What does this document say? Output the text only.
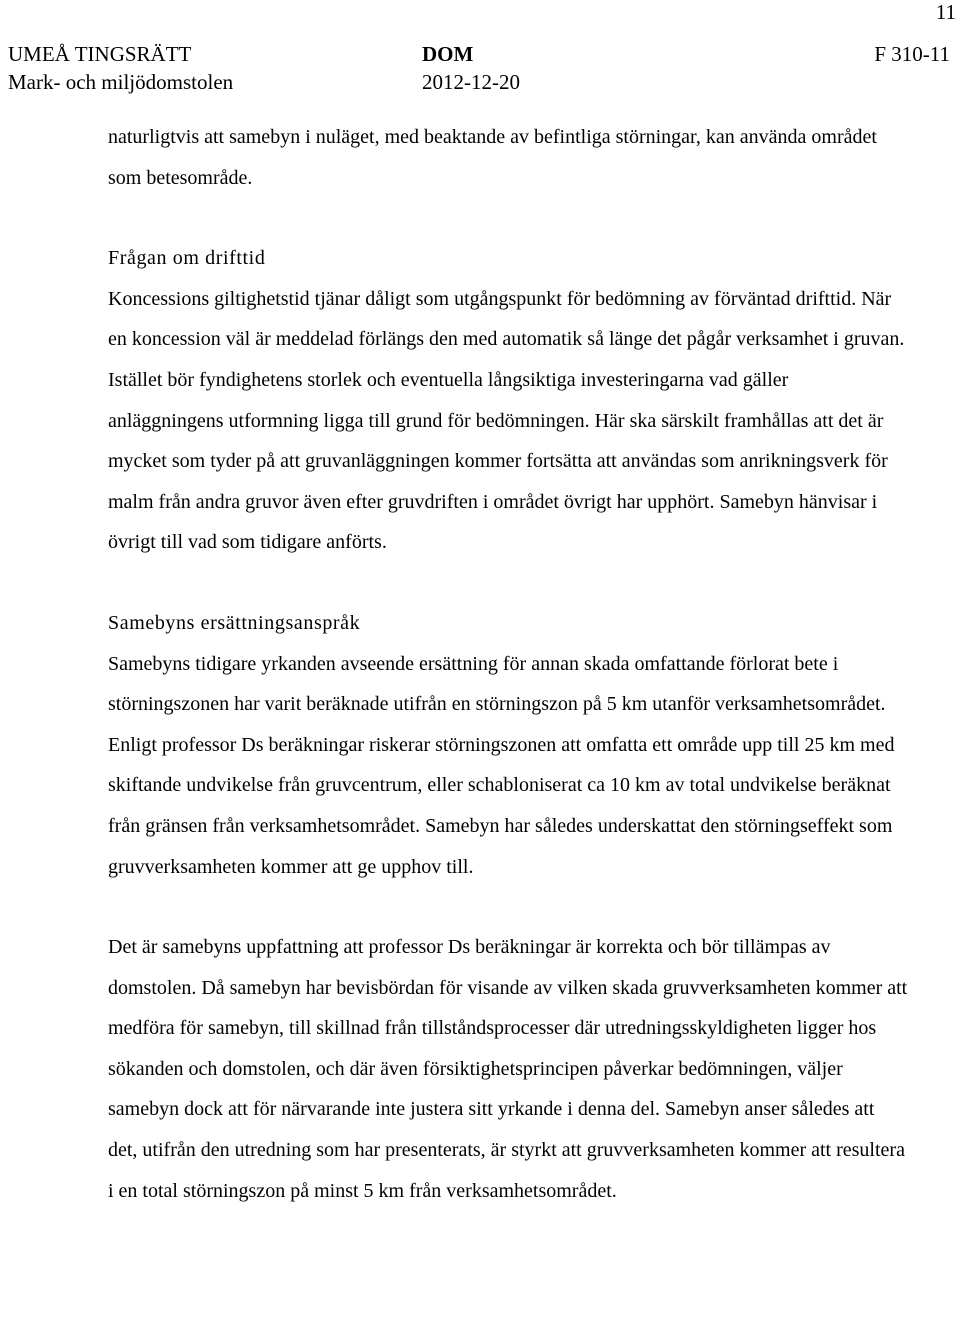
11
UMEÅ TINGSRÄTT
Mark- och miljödomstolen
DOM
2012-12-20
F 310-11

naturligtvis att samebyn i nuläget, med beaktande av befintliga störningar, kan använda området som betesområde.

Frågan om drifttid

Koncessions giltighetstid tjänar dåligt som utgångspunkt för bedömning av förväntad drifttid. När en koncession väl är meddelad förlängs den med automatik så länge det pågår verksamhet i gruvan. Istället bör fyndighetens storlek och eventuella långsiktiga investeringarna vad gäller anläggningens utformning ligga till grund för bedömningen. Här ska särskilt framhållas att det är mycket som tyder på att gruvanläggningen kommer fortsätta att användas som anrikningsverk för malm från andra gruvor även efter gruvdriften i området övrigt har upphört. Samebyn hänvisar i övrigt till vad som tidigare anförts.

Samebyns ersättningsanspråk

Samebyns tidigare yrkanden avseende ersättning för annan skada omfattande förlorat bete i störningszonen har varit beräknade utifrån en störningszon på 5 km utanför verksamhetsområdet. Enligt professor Ds beräkningar riskerar störningszonen att omfatta ett område upp till 25 km med skiftande undvikelse från gruvcentrum, eller schabloniserat ca 10 km av total undvikelse beräknat från gränsen från verksamhetsområdet. Samebyn har således underskattat den störningseffekt som gruvverksamheten kommer att ge upphov till.

Det är samebyns uppfattning att professor Ds beräkningar är korrekta och bör tillämpas av domstolen. Då samebyn har bevisbördan för visande av vilken skada gruvverksamheten kommer att medföra för samebyn, till skillnad från tillståndsprocesser där utredningsskyldigheten ligger hos sökanden och domstolen, och där även försiktighetsprincipen påverkar bedömningen, väljer samebyn dock att för närvarande inte justera sitt yrkande i denna del. Samebyn anser således att det, utifrån den utredning som har presenterats, är styrkt att gruvverksamheten kommer att resultera i en total störningszon på minst 5 km från verksamhetsområdet.
